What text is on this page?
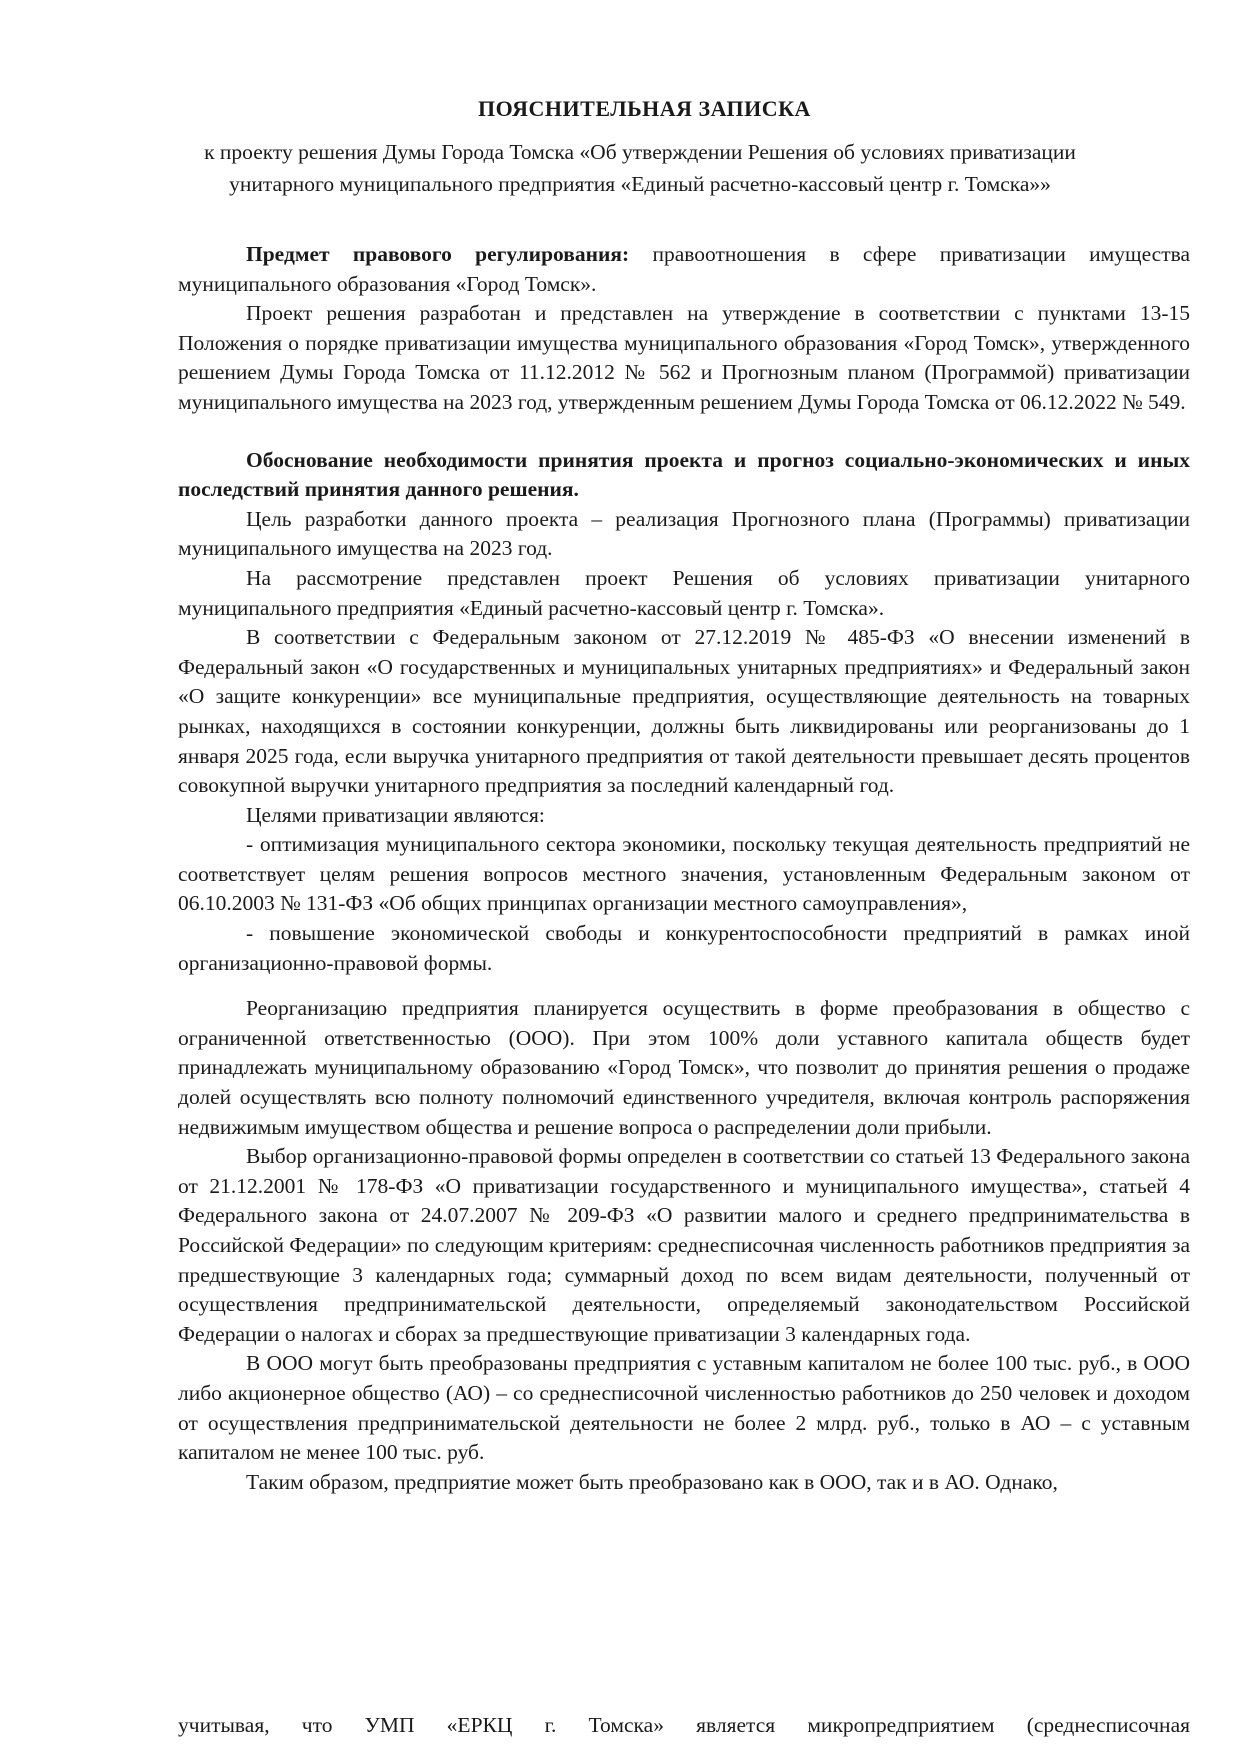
ПОЯСНИТЕЛЬНАЯ ЗАПИСКА
к проекту решения Думы Города Томска «Об утверждении Решения об условиях приватизации унитарного муниципального предприятия «Единый расчетно-кассовый центр г. Томска»»

Предмет правового регулирования: правоотношения в сфере приватизации имущества муниципального образования «Город Томск».

Проект решения разработан и представлен на утверждение в соответствии с пунктами 13-15 Положения о порядке приватизации имущества муниципального образования «Город Томск», утвержденного решением Думы Города Томска от 11.12.2012 № 562 и Прогнозным планом (Программой) приватизации муниципального имущества на 2023 год, утвержденным решением Думы Города Томска от 06.12.2022 № 549.

Обоснование необходимости принятия проекта и прогноз социально-экономических и иных последствий принятия данного решения.

Цель разработки данного проекта – реализация Прогнозного плана (Программы) приватизации муниципального имущества на 2023 год.

На рассмотрение представлен проект Решения об условиях приватизации унитарного муниципального предприятия «Единый расчетно-кассовый центр г. Томска».

В соответствии с Федеральным законом от 27.12.2019 № 485-ФЗ «О внесении изменений в Федеральный закон «О государственных и муниципальных унитарных предприятиях» и Федеральный закон «О защите конкуренции» все муниципальные предприятия, осуществляющие деятельность на товарных рынках, находящихся в состоянии конкуренции, должны быть ликвидированы или реорганизованы до 1 января 2025 года, если выручка унитарного предприятия от такой деятельности превышает десять процентов совокупной выручки унитарного предприятия за последний календарный год.

Целями приватизации являются:

- оптимизация муниципального сектора экономики, поскольку текущая деятельность предприятий не соответствует целям решения вопросов местного значения, установленным Федеральным законом от 06.10.2003 № 131-ФЗ «Об общих принципах организации местного самоуправления»,

- повышение экономической свободы и конкурентоспособности предприятий в рамках иной организационно-правовой формы.

Реорганизацию предприятия планируется осуществить в форме преобразования в общество с ограниченной ответственностью (ООО). При этом 100% доли уставного капитала обществ будет принадлежать муниципальному образованию «Город Томск», что позволит до принятия решения о продаже долей осуществлять всю полноту полномочий единственного учредителя, включая контроль распоряжения недвижимым имуществом общества и решение вопроса о распределении доли прибыли.

Выбор организационно-правовой формы определен в соответствии со статьей 13 Федерального закона от 21.12.2001 № 178-ФЗ «О приватизации государственного и муниципального имущества», статьей 4 Федерального закона от 24.07.2007 № 209-ФЗ «О развитии малого и среднего предпринимательства в Российской Федерации» по следующим критериям: среднесписочная численность работников предприятия за предшествующие 3 календарных года; суммарный доход по всем видам деятельности, полученный от осуществления предпринимательской деятельности, определяемый законодательством Российской Федерации о налогах и сборах за предшествующие приватизации 3 календарных года.

В ООО могут быть преобразованы предприятия с уставным капиталом не более 100 тыс. руб., в ООО либо акционерное общество (АО) – со среднесписочной численностью работников до 250 человек и доходом от осуществления предпринимательской деятельности не более 2 млрд. руб., только в АО – с уставным капиталом не менее 100 тыс. руб.

Таким образом, предприятие может быть преобразовано как в ООО, так и в АО. Однако,

учитывая, что УМП «ЕРКЦ г. Томска» является микропредприятием (среднесписочная
